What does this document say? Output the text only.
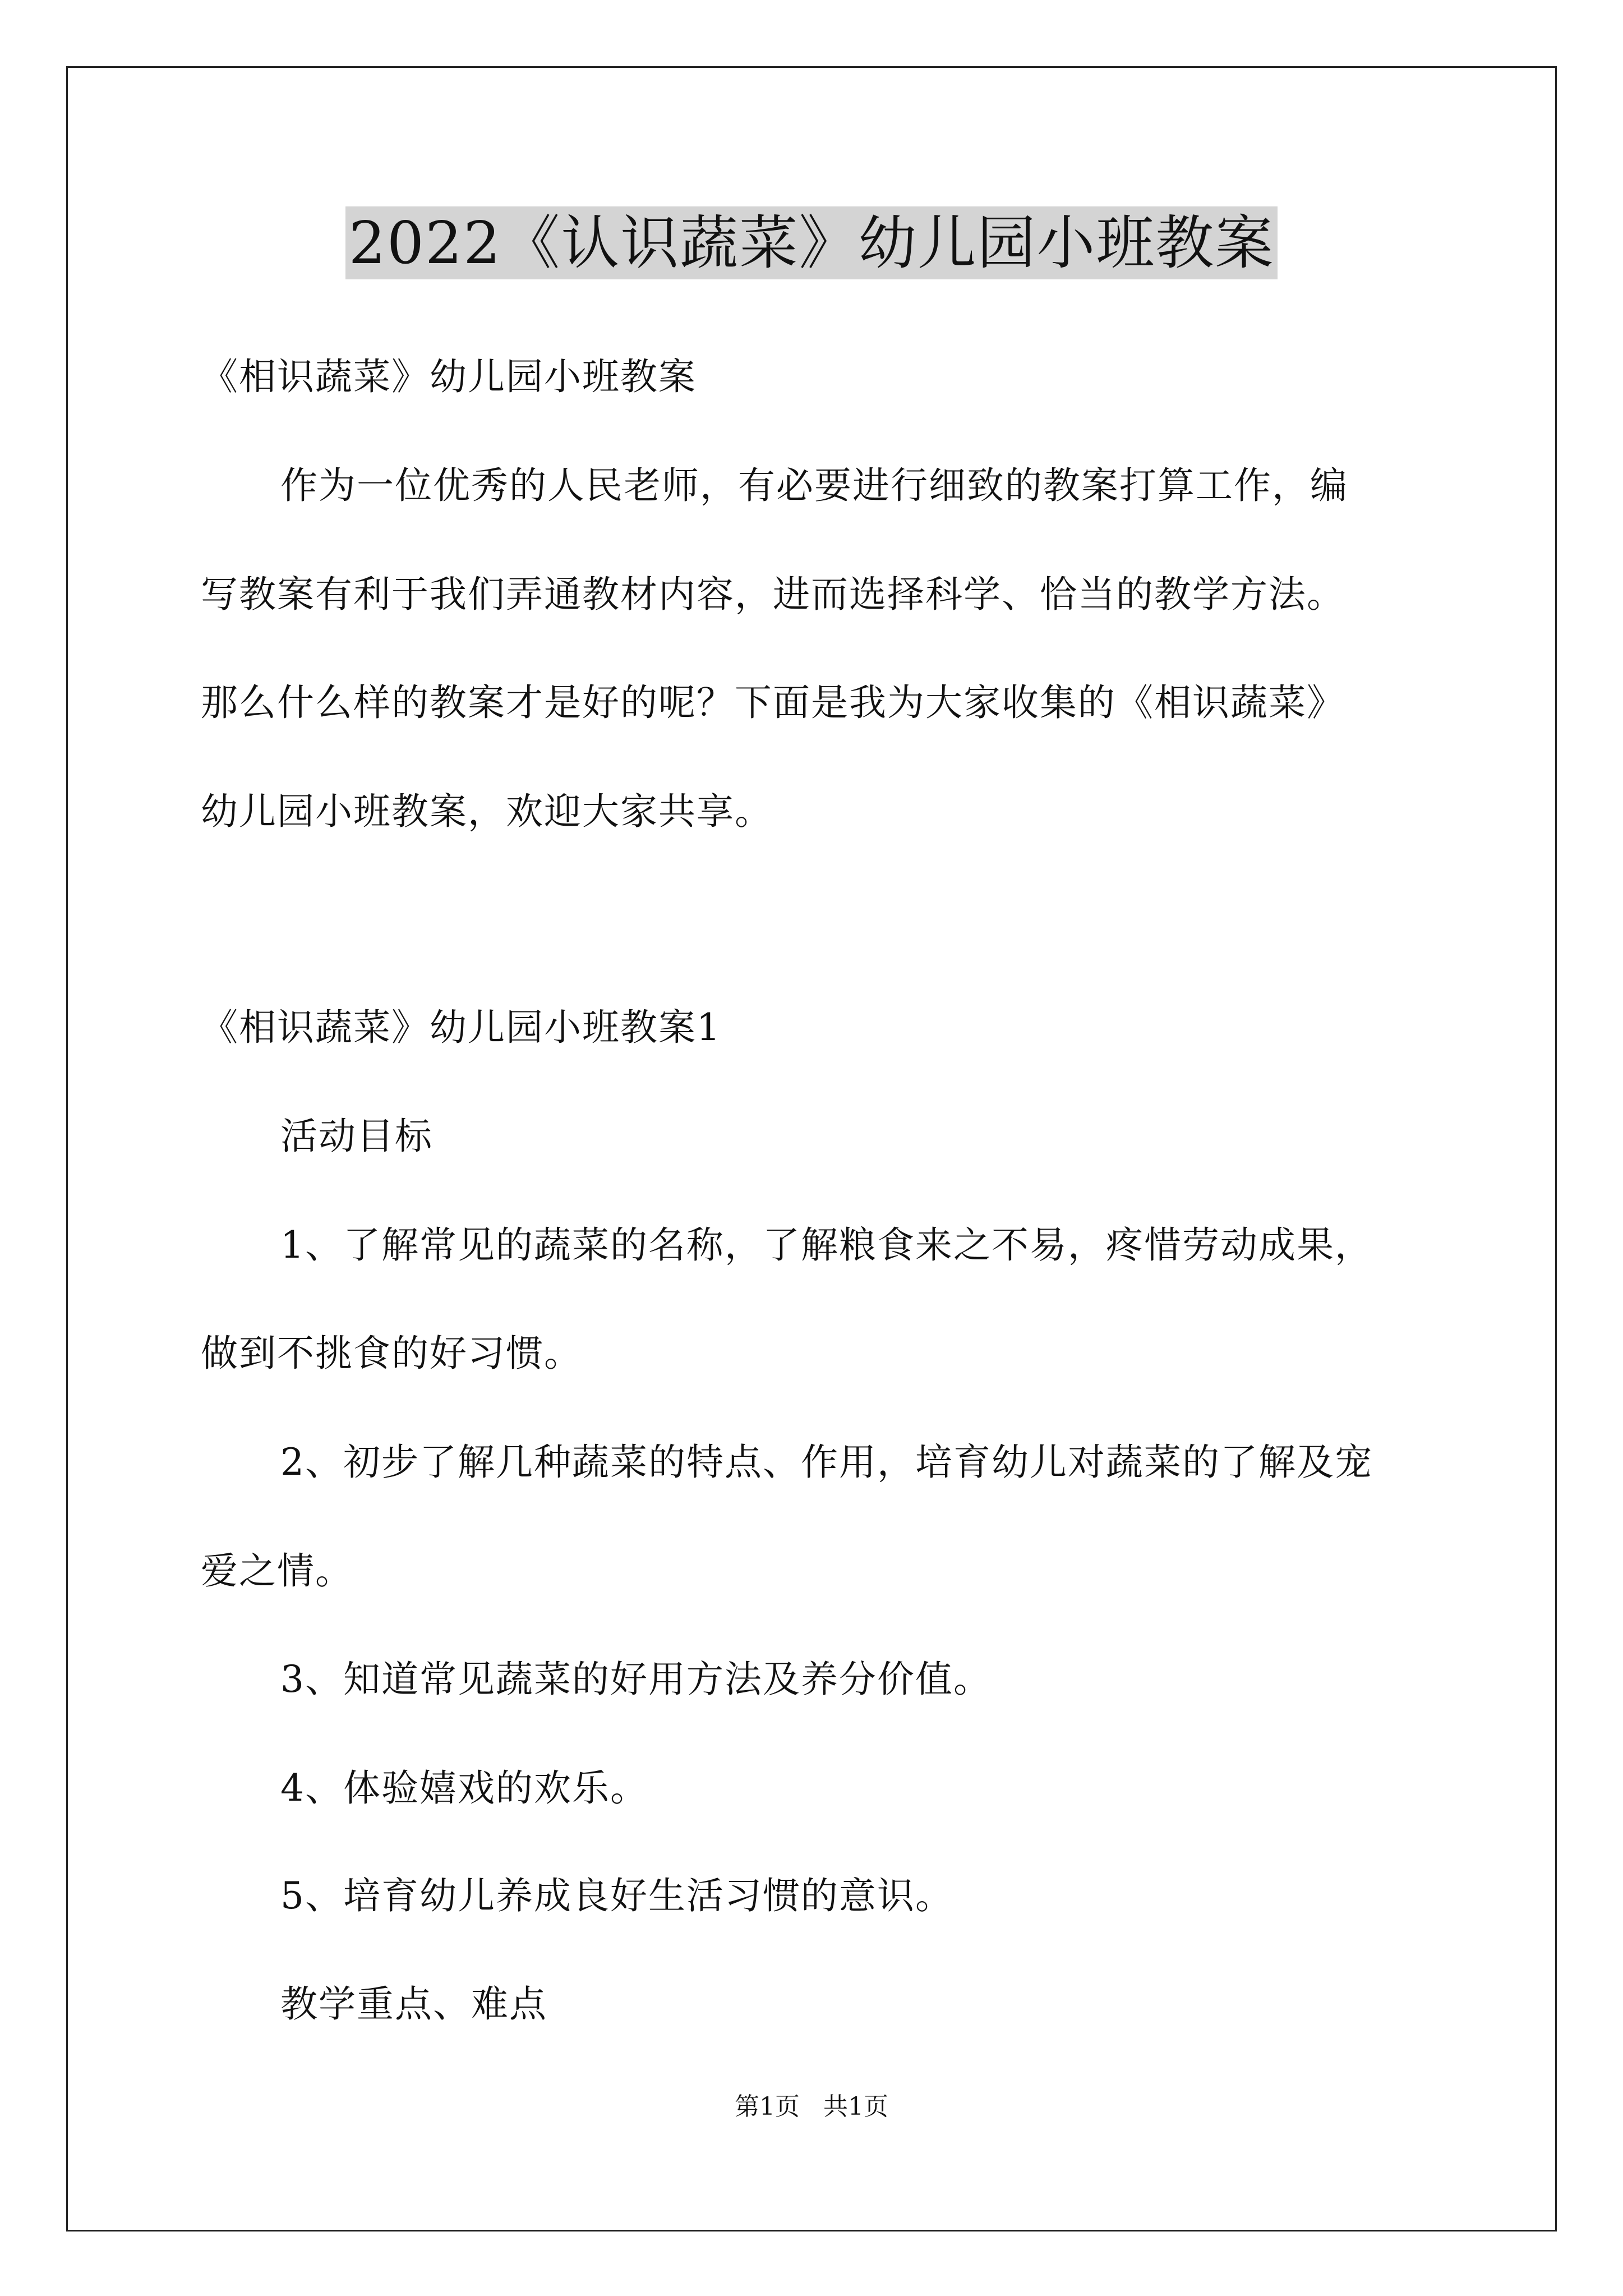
2022《认识蔬菜》幼儿园小班教案
《相识蔬菜》幼儿园小班教案
作为一位优秀的人民老师，有必要进行细致的教案打算工作，编
写教案有利于我们弄通教材内容，进而选择科学、恰当的教学方法。
那么什么样的教案才是好的呢？下面是我为大家收集的《相识蔬菜》
幼儿园小班教案，欢迎大家共享。
《相识蔬菜》幼儿园小班教案1
活动目标
1、了解常见的蔬菜的名称，了解粮食来之不易，疼惜劳动成果，
做到不挑食的好习惯。
2、初步了解几种蔬菜的特点、作用，培育幼儿对蔬菜的了解及宠
爱之情。
3、知道常见蔬菜的好用方法及养分价值。
4、体验嬉戏的欢乐。
5、培育幼儿养成良好生活习惯的意识。
教学重点、难点
第1页   共1页
